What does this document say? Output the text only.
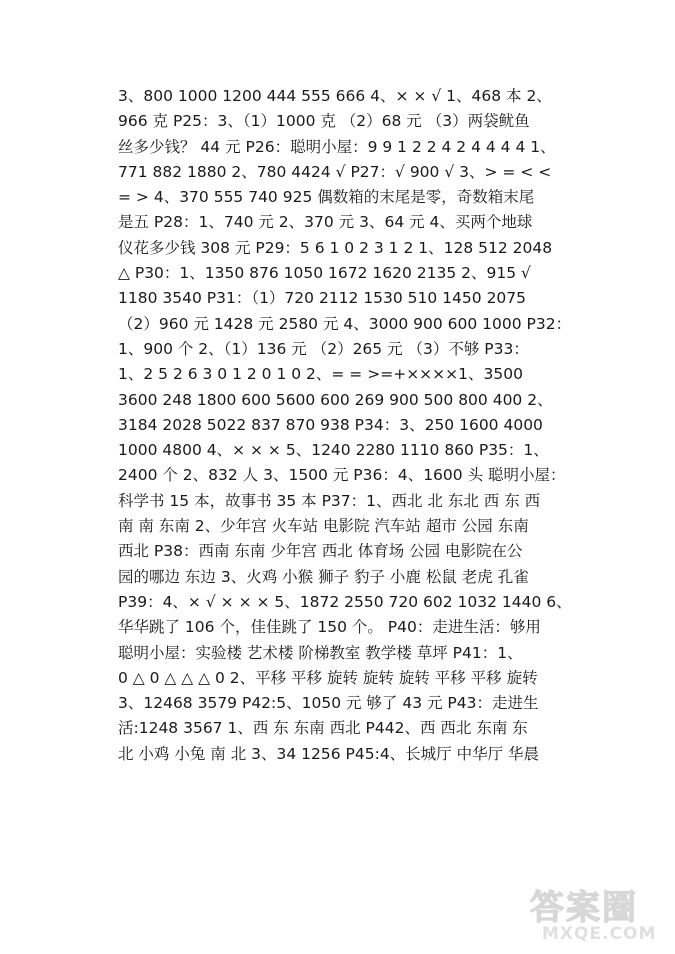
3、800 1000 1200 444 555 666 4、× × √ 1、468 本 2、
966 克 P25：3、（1）1000 克 （2）68 元 （3）两袋鱿鱼
丝多少钱？ 44 元 P26：聪明小屋：9 9 1 2 2 4 2 4 4 4 4 1、
771 882 1880 2、780 4424 √ P27：√ 900 √ 3、> = < <
= > 4、370 555 740 925 偶数箱的末尾是零，奇数箱末尾
是五 P28：1、740 元 2、370 元 3、64 元 4、买两个地球
仪花多少钱 308 元 P29：5 6 1 0 2 3 1 2 1、128 512 2048
△ P30：1、1350 876 1050 1672 1620 2135 2、915 √
1180 3540 P31：（1）720 2112 1530 510 1450 2075
（2）960 元 1428 元 2580 元 4、3000 900 600 1000 P32：
1、900 个 2、（1）136 元 （2）265 元 （3）不够 P33：
1、2 5 2 6 3 0 1 2 0 1 0 2、= = >=+××××1、3500
3600 248 1800 600 5600 600 269 900 500 800 400 2、
3184 2028 5022 837 870 938 P34：3、250 1600 4000
1000 4800 4、× × × 5、1240 2280 1110 860 P35：1、
2400 个 2、832 人 3、1500 元 P36：4、1600 头 聪明小屋：
科学书 15 本，故事书 35 本 P37：1、西北 北 东北 西 东 西
南 南 东南 2、少年宫 火车站 电影院 汽车站 超市 公园 东南
西北 P38：西南 东南 少年宫 西北 体育场 公园 电影院在公
园的哪边 东边 3、火鸡 小猴 狮子 豹子 小鹿 松鼠 老虎 孔雀
P39：4、× √ × × × 5、1872 2550 720 602 1032 1440 6、
华华跳了 106 个，佳佳跳了 150 个。 P40：走进生活：够用
聪明小屋：实验楼 艺术楼 阶梯教室 教学楼 草坪 P41：1、
0 △ 0 △ △ △ 0 2、平移 平移 旋转 旋转 旋转 平移 平移 旋转
3、12468 3579 P42:5、1050 元 够了 43 元 P43：走进生
活:1248 3567 1、西 东 东南 西北 P442、西 西北 东南 东
北 小鸡 小兔 南 北 3、34 1256 P45:4、长城厅 中华厅 华晨
答案圈
MXQE.COM
